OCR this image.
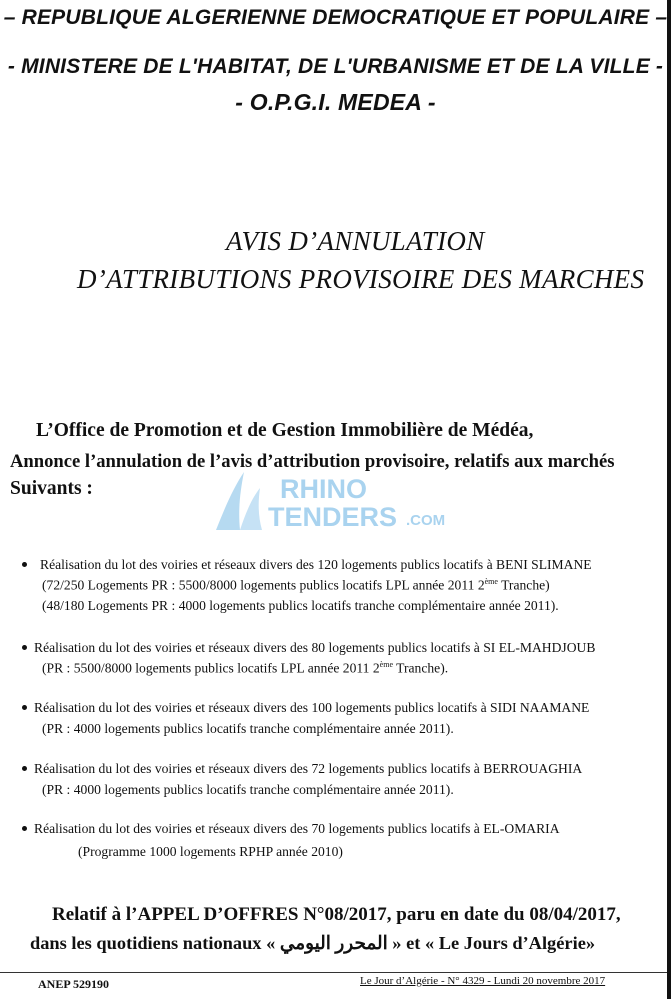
– REPUBLIQUE ALGERIENNE DEMOCRATIQUE ET POPULAIRE –
- MINISTERE DE L'HABITAT, DE L'URBANISME ET DE LA VILLE -
- O.P.G.I. MEDEA -
AVIS D’ANNULATION
D’ATTRIBUTIONS PROVISOIRE DES MARCHES
L’Office de Promotion et de Gestion Immobilière de Médéa,
Annonce l’annulation de l’avis d’attribution provisoire, relatifs aux marchés
Suivants :	RHINO
TENDERS .COM
Réalisation du lot des voiries et réseaux divers des 120 logements publics locatifs à BENI SLIMANE
(72/250 Logements PR : 5500/8000 logements publics locatifs LPL année 2011 2ème Tranche)
(48/180 Logements PR : 4000 logements publics locatifs tranche complémentaire année 2011).
Réalisation du lot des voiries et réseaux divers des 80 logements publics locatifs à SI EL-MAHDJOUB
(PR : 5500/8000 logements publics locatifs LPL année 2011 2ème Tranche).
Réalisation du lot des voiries et réseaux divers des 100 logements publics locatifs à SIDI NAAMANE
(PR : 4000 logements publics locatifs tranche complémentaire année 2011).
Réalisation du lot des voiries et réseaux divers des 72 logements publics locatifs à BERROUAGHIA
(PR : 4000 logements publics locatifs tranche complémentaire année 2011).
Réalisation du lot des voiries et réseaux divers des 70 logements publics locatifs à EL-OMARIA
(Programme 1000 logements RPHP année 2010)
Relatif à l’APPEL D’OFFRES N°08/2017, paru en date du 08/04/2017,
dans les quotidiens nationaux « المحرر اليومي » et « Le Jours d’Algérie»
ANEP 529190	Le Jour d’Algérie - N° 4329 - Lundi 20 novembre 2017
